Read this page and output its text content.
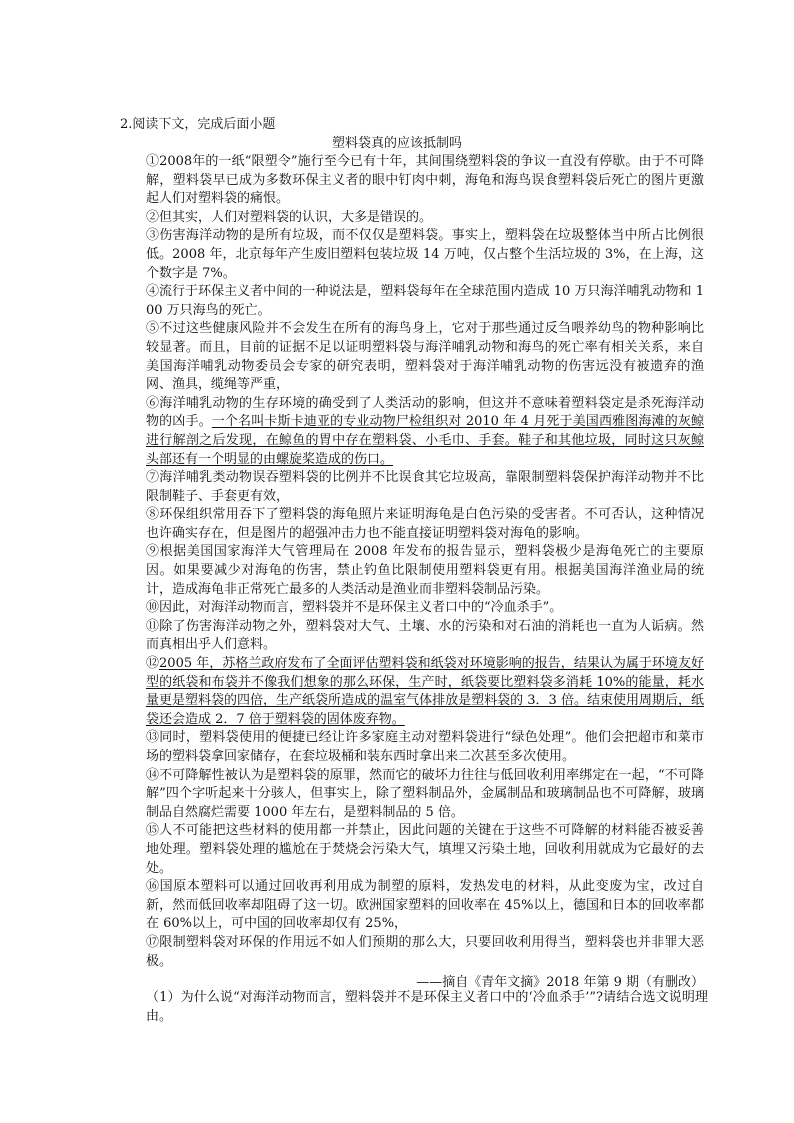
2.阅读下文，完成后面小题
塑料袋真的应该抵制吗

①2008年的一纸“限塑令”施行至今已有十年，其间围绕塑料袋的争议一直没有停歇。由于不可降解，塑料袋早已成为多数环保主义者的眼中钉肉中刺，海龟和海鸟误食塑料袋后死亡的图片更激起人们对塑料袋的痛恨。

②但其实，人们对塑料袋的认识，大多是错误的。

③伤害海洋动物的是所有垃圾，而不仅仅是塑料袋。事实上，塑料袋在垃圾整体当中所占比例很低。2008 年，北京每年产生废旧塑料包装垃圾 14 万吨，仅占整个生活垃圾的 3%，在上海，这个数字是 7%。

④流行于环保主义者中间的一种说法是，塑料袋每年在全球范围内造成 10 万只海洋哺乳动物和 100 万只海鸟的死亡。

⑤不过这些健康风险并不会发生在所有的海鸟身上，它对于那些通过反刍喂养幼鸟的物种影响比较显著。而且，目前的证据不足以证明塑料袋与海洋哺乳动物和海鸟的死亡率有相关关系，来自美国海洋哺乳动物委员会专家的研究表明，塑料袋对于海洋哺乳动物的伤害远没有被遗弃的渔网、渔具，缆绳等严重，

⑥海洋哺乳动物的生存环境的确受到了人类活动的影响，但这并不意味着塑料袋定是杀死海洋动物的凶手。一个名叫卡斯卡迪亚的专业动物尸检组织对 2010 年 4 月死于美国西雅图海滩的灰鲸进行解剖之后发现，在鲸鱼的胃中存在塑料袋、小毛巾、手套。鞋子和其他垃圾，同时这只灰鲸头部还有一个明显的由螺旋桨造成的伤口。

⑦海洋哺乳类动物误吞塑料袋的比例并不比误食其它垃圾高，靠限制塑料袋保护海洋动物并不比限制鞋子、手套更有效，

⑧环保组织常用吞下了塑料袋的海龟照片来证明海龟是白色污染的受害者。不可否认，这种情况也许确实存在，但是图片的超强冲击力也不能直接证明塑料袋对海龟的影响。

⑨根据美国国家海洋大气管理局在 2008 年发布的报告显示，塑料袋极少是海龟死亡的主要原因。如果要减少对海龟的伤害，禁止钓鱼比限制使用塑料袋更有用。根据美国海洋渔业局的统计，造成海龟非正常死亡最多的人类活动是渔业而非塑料袋制品污染。

⑩因此，对海洋动物而言，塑料袋并不是环保主义者口中的“冷血杀手”。

⑪除了伤害海洋动物之外，塑料袋对大气、土壤、水的污染和对石油的消耗也一直为人诟病。然而真相出乎人们意料。

⑫2005 年，苏格兰政府发布了全面评估塑料袋和纸袋对环境影响的报告，结果认为属于环境友好型的纸袋和布袋并不像我们想象的那么环保，生产时，纸袋要比塑料袋多消耗 10%的能量，耗水量更是塑料袋的四倍，生产纸袋所造成的温室气体排放是塑料袋的 3．3 倍。结束使用周期后，纸袋还会造成 2．7 倍于塑料袋的固体废弃物。

⑬同时，塑料袋使用的便捷已经让许多家庭主动对塑料袋进行“绿色处理”。他们会把超市和菜市场的塑料袋拿回家储存，在套垃圾桶和装东西时拿出来二次甚至多次使用。

⑭不可降解性被认为是塑料袋的原罪，然而它的破坏力往往与低回收利用率绑定在一起，“不可降解”四个字听起来十分骇人，但事实上，除了塑料制品外，金属制品和玻璃制品也不可降解，玻璃制品自然腐烂需要 1000 年左右，是塑料制品的 5 倍。

⑮人不可能把这些材料的使用都一并禁止，因此问题的关键在于这些不可降解的材料能否被妥善地处理。塑料袋处理的尴尬在于焚烧会污染大气，填埋又污染土地，回收利用就成为它最好的去处。

⑯国原本塑料可以通过回收再利用成为制塑的原料，发热发电的材料，从此变废为宝，改过自新，然而低回收率却阻碍了这一切。欧洲国家塑料的回收率在 45%以上，德国和日本的回收率都在 60%以上，可中国的回收率却仅有 25%，

⑰限制塑料袋对环保的作用远不如人们预期的那么大，只要回收利用得当，塑料袋也并非罪大恶极。

——摘自《青年文摘》2018 年第 9 期（有删改）
（1）为什么说“对海洋动物而言，塑料袋并不是环保主义者口中的‘冷血杀手’”?请结合选文说明理由。
